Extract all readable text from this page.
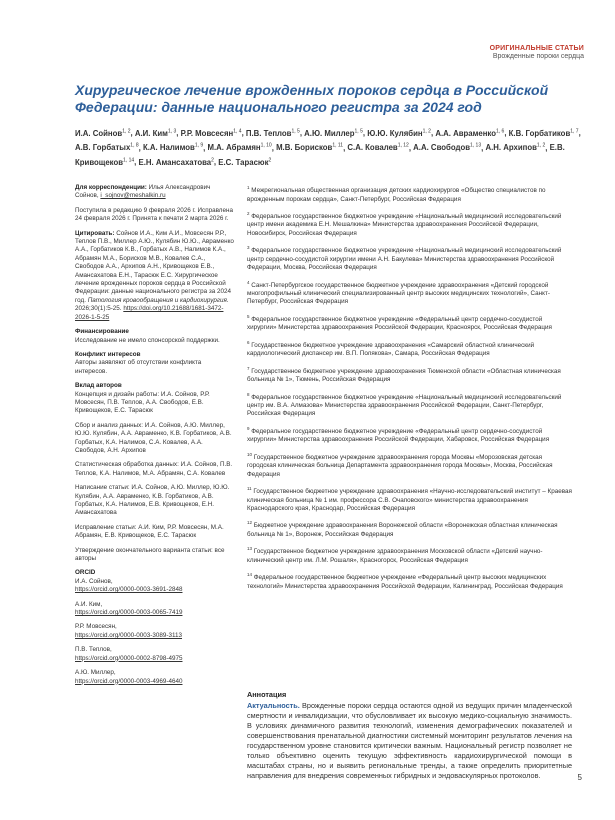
ОРИГИНАЛЬНЫЕ СТАТЬИ
Врожденные пороки сердца
Хирургическое лечение врожденных пороков сердца в Российской Федерации: данные национального регистра за 2024 год
И.А. Сойнов$^{1, 2}$, А.И. Ким$^{1, 3}$, Р.Р. Мовсесян$^{1, 4}$, П.В. Теплов$^{1, 5}$, А.Ю. Миллер$^{1, 5}$, Ю.Ю. Кулябин$^{1, 2}$, А.А. Авраменко$^{1, 6}$, К.В. Горбатиков$^{1, 7}$, А.В. Горбатых$^{1, 8}$, К.А. Налимов$^{1, 9}$, М.А. Абрамян$^{1, 10}$, М.В. Борисков$^{1, 11}$, С.А. Ковалев$^{1, 12}$, А.А. Свободов$^{1, 13}$, А.Н. Архипов$^{1, 2}$, Е.В. Кривощеков$^{1, 14}$, Е.Н. Амансахатова$^2$, Е.С. Тарасюк$^2$

Для корреспонденции: Илья Александрович Сойнов, i_sojnov@meshalkin.ru

Поступила в редакцию 9 февраля 2026 г. Исправлена 24 февраля 2026 г. Принята к печати 2 марта 2026 г.

Цитировать: Сойнов И.А., Ким А.И., Мовсесян Р.Р., Теплов П.В., Миллер А.Ю., Кулябин Ю.Ю., Авраменко А.А., Горбатиков К.В., Горбатых А.В., Налимов К.А., Абрамян М.А., Борисков М.В., Ковалев С.А., Свободов А.А., Архипов А.Н., Кривощеков Е.В., Амансахатова Е.Н., Тарасюк Е.С. Хирургическое лечение врожденных пороков сердца в Российской Федерации: данные национального регистра за 2024 год. Патология кровообращения и кардиохирургия. 2026;30(1):5-25. https://doi.org/10.21688/1681-3472-2026-1-5-25

Финансирование

Исследование не имело спонсорской поддержки.

Конфликт интересов

Авторы заявляют об отсутствии конфликта интересов.

Вклад авторов

Концепция и дизайн работы: И.А. Сойнов, Р.Р. Мовсесян, П.В. Теплов, А.А. Свободов, Е.В. Кривощеков, Е.С. Тарасюк

Сбор и анализ данных: И.А. Сойнов, А.Ю. Миллер, Ю.Ю. Кулябин, А.А. Авраменко, К.В. Горбатиков, А.В. Горбатых, К.А. Налимов, С.А. Ковалев, А.А. Свободов, А.Н. Архипов

Статистическая обработка данных: И.А. Сойнов, П.В. Теплов, К.А. Налимов, М.А. Абрамян, С.А. Ковалев

Написание статьи: И.А. Сойнов, А.Ю. Миллер, Ю.Ю. Кулябин, А.А. Авраменко, К.В. Горбатиков, А.В. Горбатых, К.А. Налимов, Е.В. Кривощеков, Е.Н. Амансахатова

Исправление статьи: А.И. Ким, Р.Р. Мовсесян, М.А. Абрамян, Е.В. Кривощеков, Е.С. Тарасюк

Утверждение окончательного варианта статьи: все авторы

ORCID

И.А. Сойнов,
https://orcid.org/0000-0003-3691-2848

А.И. Ким,
https://orcid.org/0000-0003-0065-7419

Р.Р. Мовсесян,
https://orcid.org/0000-0003-3089-3113

П.В. Теплов,
https://orcid.org/0000-0002-8798-4975

А.Ю. Миллер,
https://orcid.org/0000-0003-4969-4640

$^1$ Межрегиональная общественная организация детских кардиохирургов «Общество специалистов по врожденным порокам сердца», Санкт-Петербург, Российская Федерация

$^2$ Федеральное государственное бюджетное учреждение «Национальный медицинский исследовательский центр имени академика Е.Н. Мешалкина» Министерства здравоохранения Российской Федерации, Новосибирск, Российская Федерация

$^3$ Федеральное государственное бюджетное учреждение «Национальный медицинский исследовательский центр сердечно-сосудистой хирургии имени А.Н. Бакулева» Министерства здравоохранения Российской Федерации, Москва, Российская Федерация

$^4$ Санкт-Петербургское государственное бюджетное учреждение здравоохранения «Детский городской многопрофильный клинический специализированный центр высоких медицинских технологий», Санкт-Петербург, Российская Федерация

$^5$ Федеральное государственное бюджетное учреждение «Федеральный центр сердечно-сосудистой хирургии» Министерства здравоохранения Российской Федерации, Красноярск, Российская Федерация

$^6$ Государственное бюджетное учреждение здравоохранения «Самарский областной клинический кардиологический диспансер им. В.П. Полякова», Самара, Российская Федерация

$^7$ Государственное бюджетное учреждение здравоохранения Тюменской области «Областная клиническая больница № 1», Тюмень, Российская Федерация

$^8$ Федеральное государственное бюджетное учреждение «Национальный медицинский исследовательский центр им. В.А. Алмазова» Министерства здравоохранения Российской Федерации, Санкт-Петербург, Российская Федерация

$^9$ Федеральное государственное бюджетное учреждение «Федеральный центр сердечно-сосудистой хирургии» Министерства здравоохранения Российской Федерации, Хабаровск, Российская Федерация

$^{10}$ Государственное бюджетное учреждение здравоохранения города Москвы «Морозовская детская городская клиническая больница Департамента здравоохранения города Москвы», Москва, Российская Федерация

$^{11}$ Государственное бюджетное учреждение здравоохранения «Научно-исследовательский институт – Краевая клиническая больница № 1 им. профессора С.В. Очаповского» министерства здравоохранения Краснодарского края, Краснодар, Российская Федерация

$^{12}$ Бюджетное учреждение здравоохранения Воронежской области «Воронежская областная клиническая больница № 1», Воронеж, Российская Федерация

$^{13}$ Государственное бюджетное учреждение здравоохранения Московской области «Детский научно-клинический центр им. Л.М. Рошаля», Красногорск, Российская Федерация

$^{14}$ Федеральное государственное бюджетное учреждение «Федеральный центр высоких медицинских технологий» Министерства здравоохранения Российской Федерации, Калининград, Российская Федерация

Аннотация

Актуальность. Врожденные пороки сердца остаются одной из ведущих причин младенческой смертности и инвалидизации, что обусловливает их высокую медико-социальную значимость. В условиях динамичного развития технологий, изменения демографических показателей и совершенствования пренатальной диагностики системный мониторинг результатов лечения на государственном уровне становится критически важным. Национальный регистр позволяет не только объективно оценить текущую эффективность кардиохирургической помощи в масштабах страны, но и выявить региональные тренды, а также определить приоритетные направления для внедрения современных гибридных и эндоваскулярных протоколов.	5
